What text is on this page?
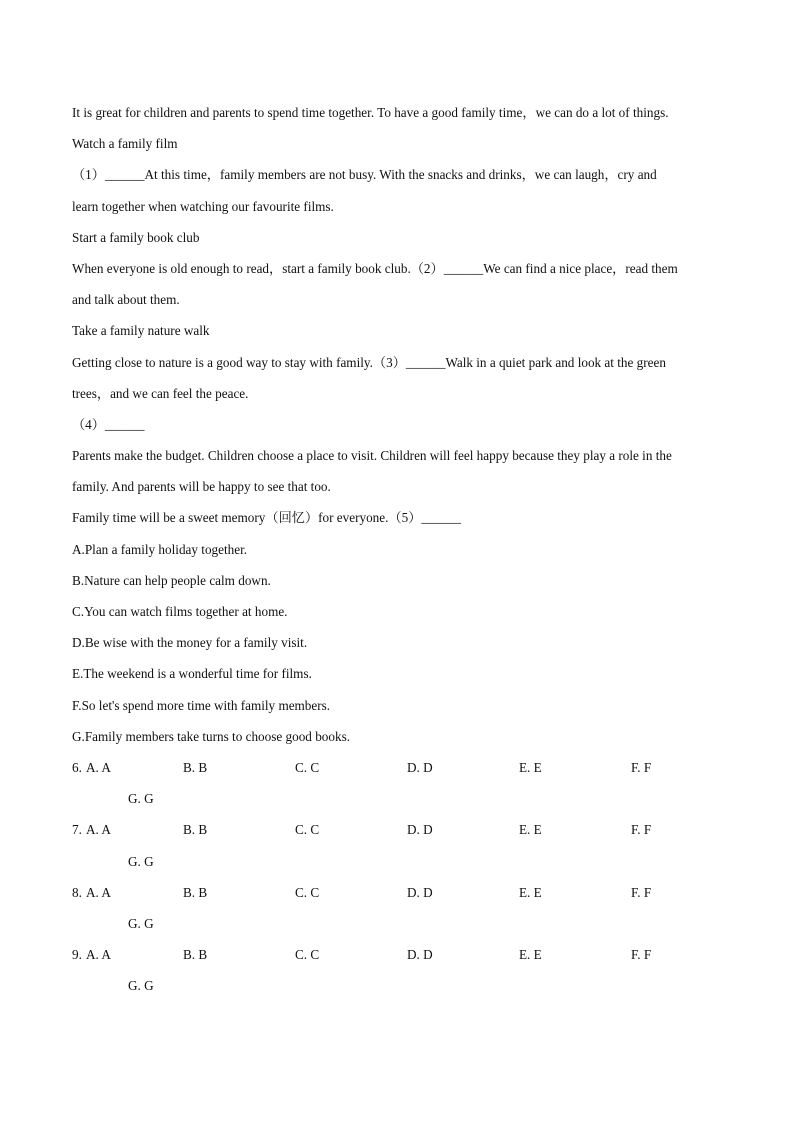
It is great for children and parents to spend time together. To have a good family time，we can do a lot of things.
Watch a family film
（1）______At this time，family members are not busy. With the snacks and drinks，we can laugh，cry and
learn together when watching our favourite films.
Start a family book club
When everyone is old enough to read，start a family book club.（2）______We can find a nice place，read them
and talk about them.
Take a family nature walk
Getting close to nature is a good way to stay with family.（3）______Walk in a quiet park and look at the green
trees，and we can feel the peace.
（4）______
Parents make the budget. Children choose a place to visit. Children will feel happy because they play a role in the
family. And parents will be happy to see that too.
Family time will be a sweet memory（回忆）for everyone.（5）______
A.Plan a family holiday together.
B.Nature can help people calm down.
C.You can watch films together at home.
D.Be wise with the money for a family visit.
E.The weekend is a wonderful time for films.
F.So let's spend more time with family members.
G.Family members take turns to choose good books.
6. A. A	B. B	C. C	D. D	E. E	F. F
G. G
7. A. A	B. B	C. C	D. D	E. E	F. F
G. G
8. A. A	B. B	C. C	D. D	E. E	F. F
G. G
9. A. A	B. B	C. C	D. D	E. E	F. F
G. G
